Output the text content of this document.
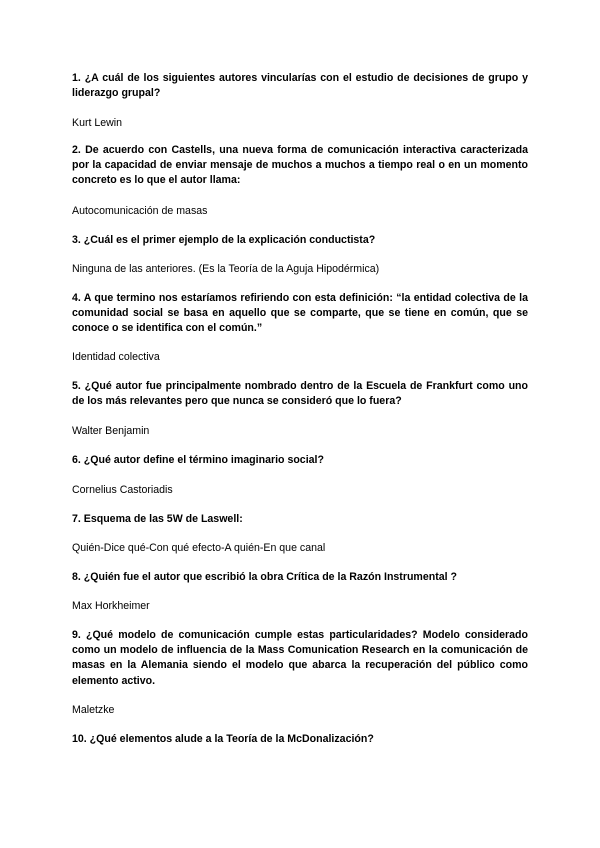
1. ¿A cuál de los siguientes autores vincularías con el estudio de decisiones de grupo y liderazgo grupal?

Kurt Lewin

2. De acuerdo con Castells, una nueva forma de comunicación interactiva caracterizada por la capacidad de enviar mensaje de muchos a muchos a tiempo real o en un momento concreto es lo que el autor llama:

Autocomunicación de masas

3. ¿Cuál es el primer ejemplo de la explicación conductista?

Ninguna de las anteriores. (Es la Teoría de la Aguja Hipodérmica)

4. A que termino nos estaríamos refiriendo con esta definición: “la entidad colectiva de la comunidad social se basa en aquello que se comparte, que se tiene en común, que se conoce o se identifica con el común.”

Identidad colectiva

5. ¿Qué autor fue principalmente nombrado dentro de la Escuela de Frankfurt como uno de los más relevantes pero que nunca se consideró que lo fuera?

Walter Benjamin

6. ¿Qué autor define el término imaginario social?

Cornelius Castoriadis

7. Esquema de las 5W de Laswell:

Quién-Dice qué-Con qué efecto-A quién-En que canal

8. ¿Quién fue el autor que escribió la obra Crítica de la Razón Instrumental ?

Max Horkheimer

9. ¿Qué modelo de comunicación cumple estas particularidades? Modelo considerado como un modelo de influencia de la Mass Comunication Research en la comunicación de masas en la Alemania siendo el modelo que abarca la recuperación del público como elemento activo.

Maletzke

10. ¿Qué elementos alude a la Teoría de la McDonalización?
